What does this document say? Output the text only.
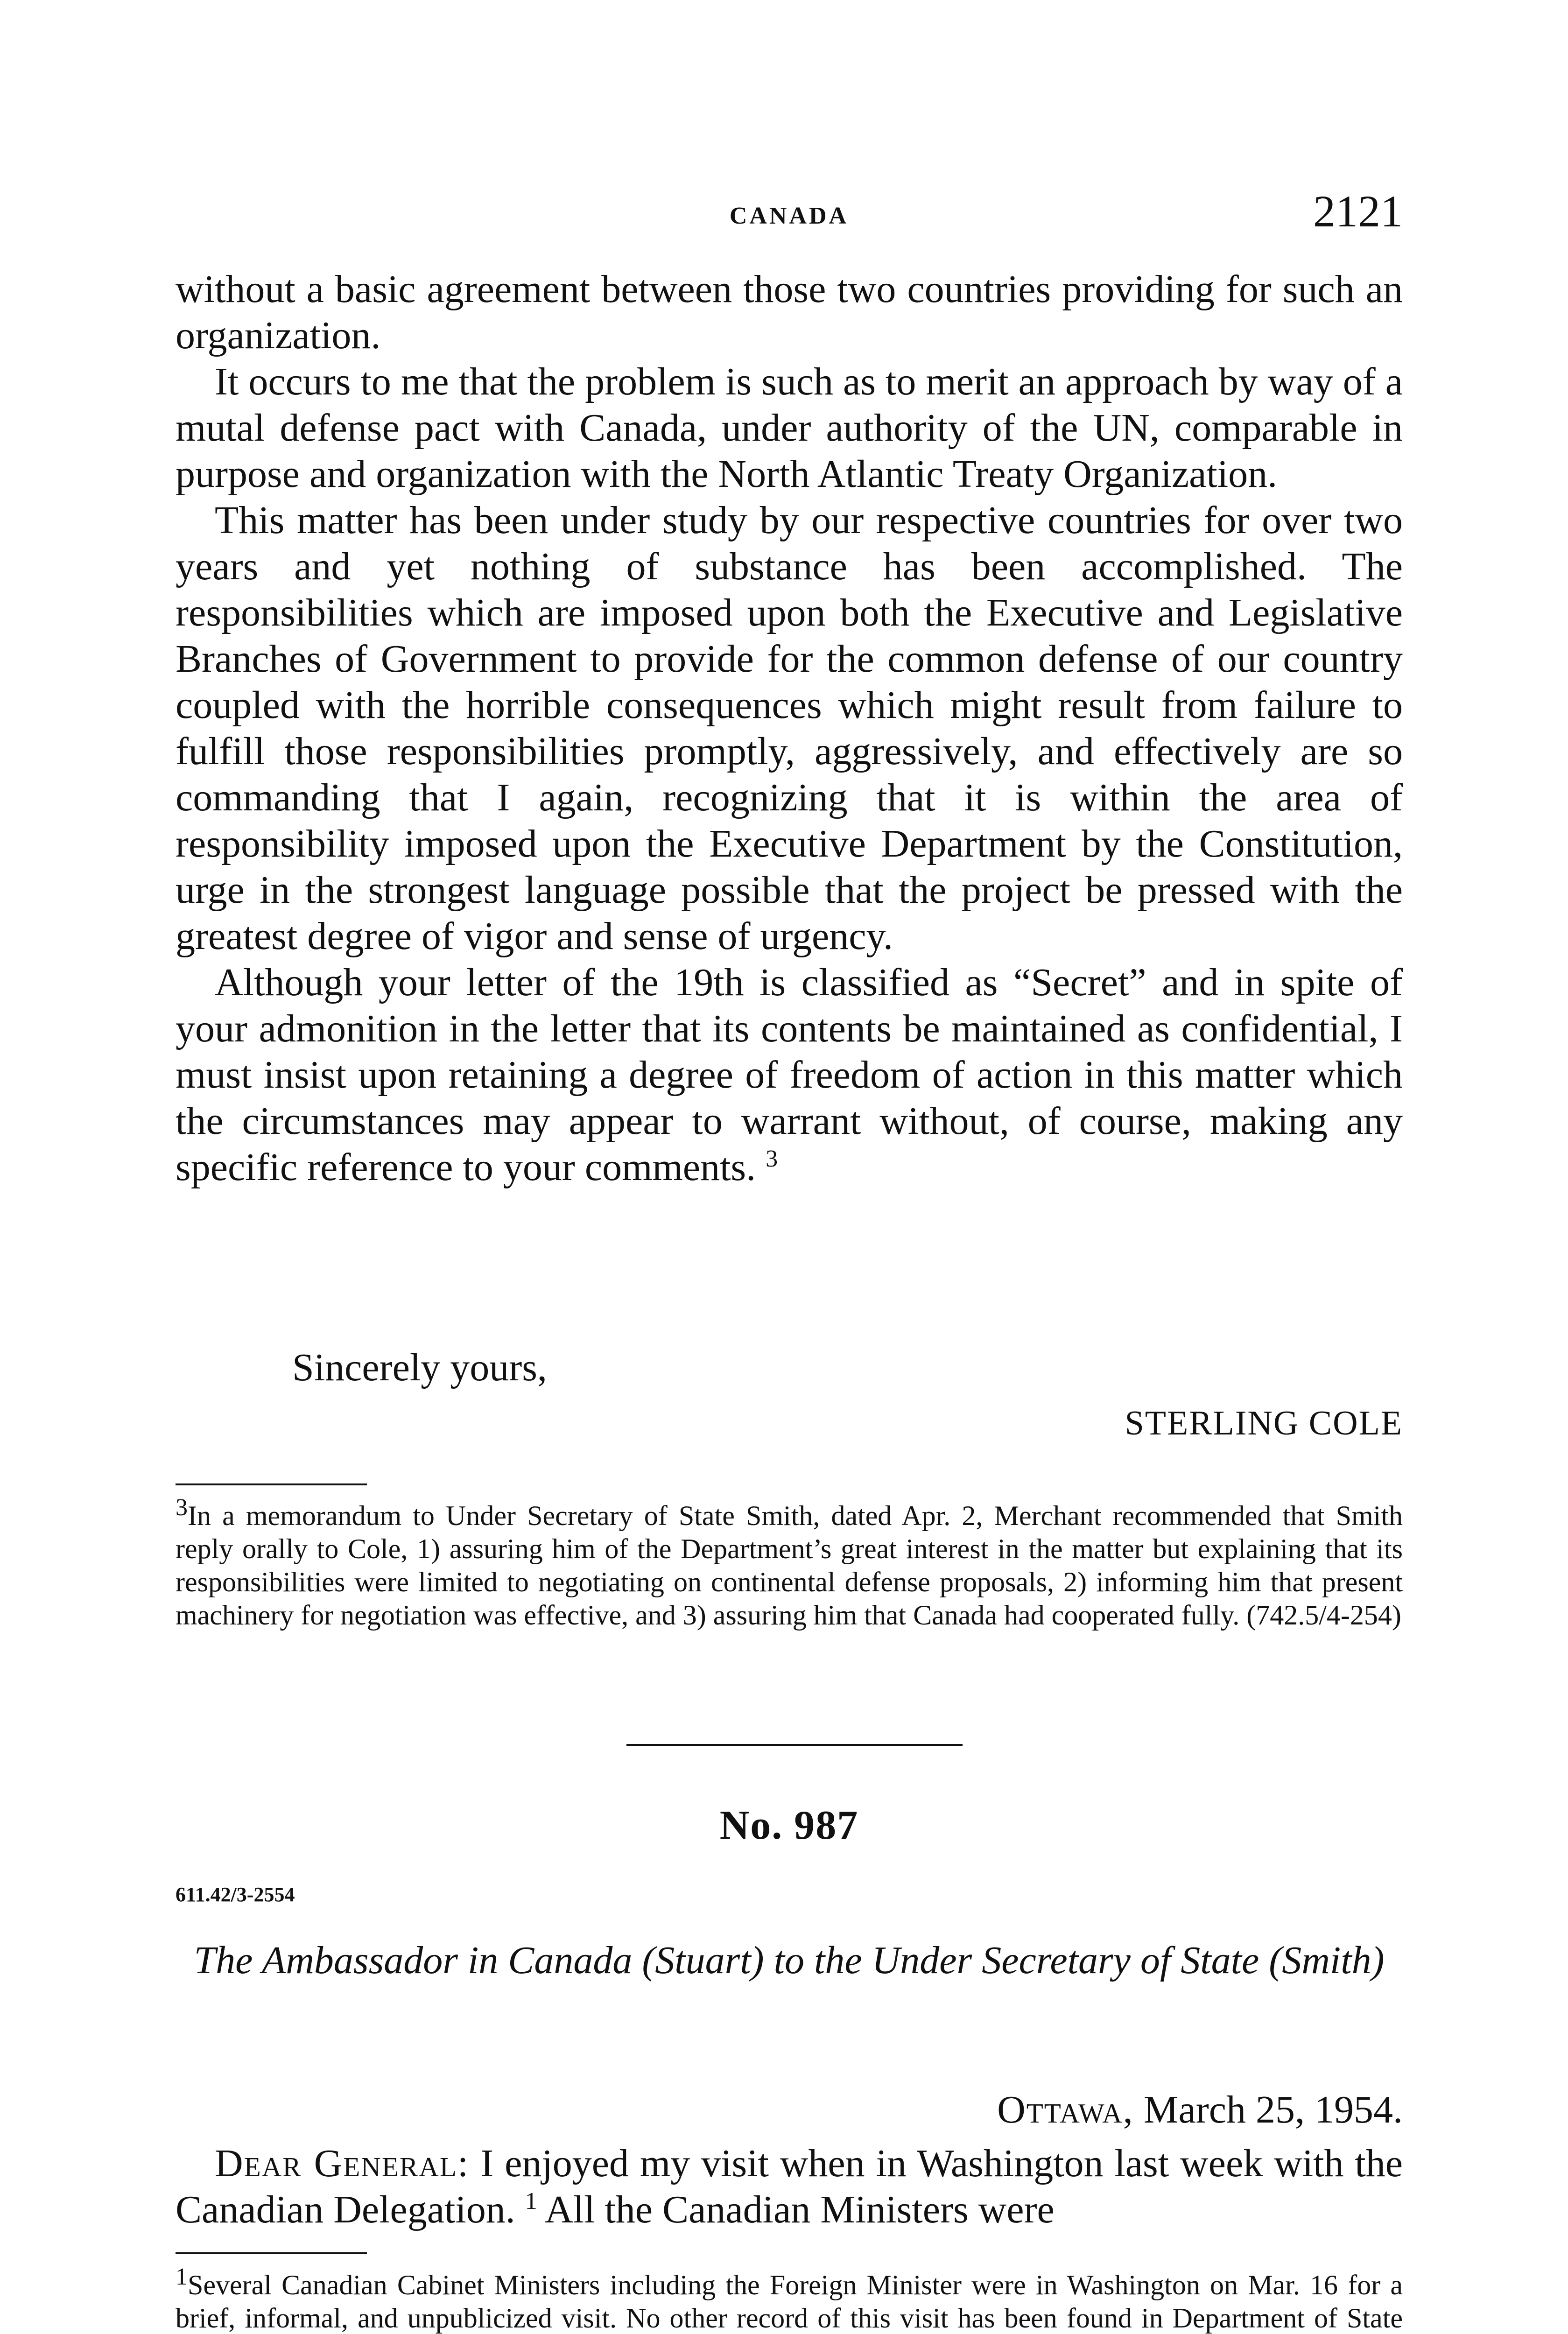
CANADA	2121

without a basic agreement between those two countries providing for such an organization.

It occurs to me that the problem is such as to merit an approach by way of a mutal defense pact with Canada, under authority of the UN, comparable in purpose and organization with the North Atlantic Treaty Organization.

This matter has been under study by our respective countries for over two years and yet nothing of substance has been accomplished. The responsibilities which are imposed upon both the Executive and Legislative Branches of Government to provide for the common defense of our country coupled with the horrible consequences which might result from failure to fulfill those responsibilities promptly, aggressively, and effectively are so commanding that I again, recognizing that it is within the area of responsibility imposed upon the Executive Department by the Constitution, urge in the strongest language possible that the project be pressed with the greatest degree of vigor and sense of urgency.

Although your letter of the 19th is classified as “Secret” and in spite of your admonition in the letter that its contents be maintained as confidential, I must insist upon retaining a degree of freedom of action in this matter which the circumstances may appear to warrant without, of course, making any specific reference to your comments. $^3$

Sincerely yours,
STERLING COLE

3In a memorandum to Under Secretary of State Smith, dated Apr. 2, Merchant recommended that Smith reply orally to Cole, 1) assuring him of the Department’s great interest in the matter but explaining that its responsibilities were limited to negotiating on continental defense proposals, 2) informing him that present machinery for negotiation was effective, and 3) assuring him that Canada had cooperated fully. (742.5/4-254)

No. 987
611.42/3-2554
The Ambassador in Canada (Stuart) to the Under Secretary of State (Smith)
Ottawa, March 25, 1954.

Dear General: I enjoyed my visit when in Washington last week with the Canadian Delegation. $^1$ All the Canadian Ministers were

1Several Canadian Cabinet Ministers including the Foreign Minister were in Washington on Mar. 16 for a brief, informal, and unpublicized visit. No other record of this visit has been found in Department of State
